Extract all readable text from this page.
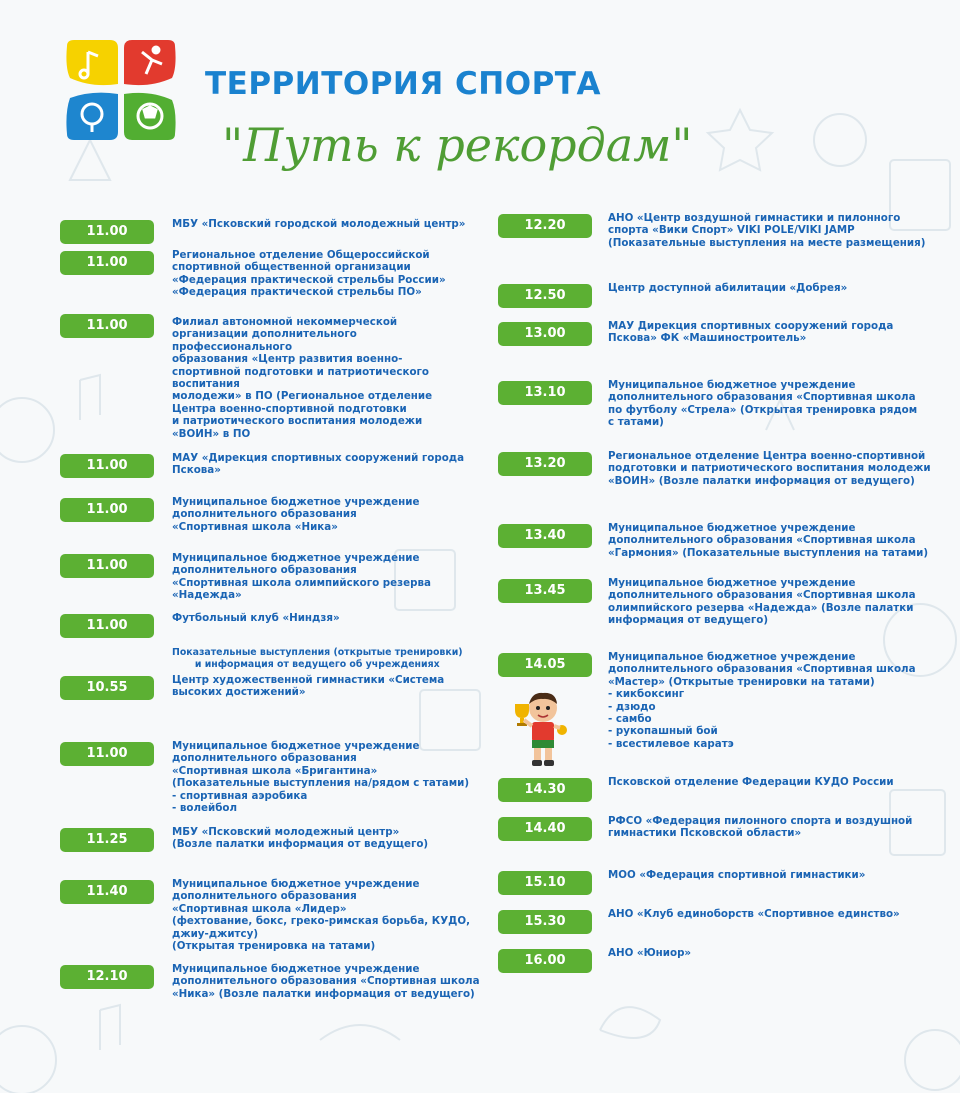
ТЕРРИТОРИЯ СПОРТА
"Путь к рекордам"
Показательные выступления (открытые тренировки)
и информация от ведущего об учреждениях
11.00	МБУ «Псковский городской молодежный центр»
11.00	Региональное отделение Общероссийской
спортивной общественной организации
«Федерация практической стрельбы России»
«Федерация практической стрельбы ПО»
11.00	Филиал автономной некоммерческой
организации дополнительного
профессионального
образования «Центр развития военно-
спортивной подготовки и патриотического
воспитания
молодежи» в ПО (Региональное отделение
Центра военно-спортивной подготовки
и патриотического воспитания молодежи
«ВОИН» в ПО
11.00	МАУ «Дирекция спортивных сооружений города
Пскова»
11.00	Муниципальное бюджетное учреждение
дополнительного образования
«Спортивная школа «Ника»
11.00	Муниципальное бюджетное учреждение
дополнительного образования
«Спортивная школа олимпийского резерва
«Надежда»
11.00	Футбольный клуб «Ниндзя»
10.55	Центр художественной гимнастики «Система
высоких достижений»
11.00	Муниципальное бюджетное учреждение
дополнительного образования
«Спортивная школа «Бригантина»
(Показательные выступления на/рядом с татами)
- спортивная аэробика
- волейбол
11.25	МБУ «Псковский молодежный центр»
(Возле палатки информация от ведущего)
11.40	Муниципальное бюджетное учреждение
дополнительного образования
«Спортивная школа «Лидер»
(фехтование, бокс, греко-римская борьба, КУДО,
джиу-джитсу)
(Открытая тренировка на татами)
12.10	Муниципальное бюджетное учреждение
дополнительного образования «Спортивная школа
«Ника» (Возле палатки информация от ведущего)
12.20	АНО «Центр воздушной гимнастики и пилонного
спорта «Вики Спорт» VIKI POLE/VIKI JAMP
(Показательные выступления на месте размещения)
12.50	Центр доступной абилитации «Добрея»
13.00	МАУ Дирекция спортивных сооружений города
Пскова» ФК «Машиностроитель»
13.10	Муниципальное бюджетное учреждение
дополнительного образования «Спортивная школа
по футболу «Стрела» (Открытая тренировка рядом
с татами)
13.20	Региональное отделение Центра военно-спортивной
подготовки и патриотического воспитания молодежи
«ВОИН» (Возле палатки информация от ведущего)
13.40	Муниципальное бюджетное учреждение
дополнительного образования «Спортивная школа
«Гармония» (Показательные выступления на татами)
13.45	Муниципальное бюджетное учреждение
дополнительного образования «Спортивная школа
олимпийского резерва «Надежда» (Возле палатки
информация от ведущего)
14.05	Муниципальное бюджетное учреждение
дополнительного образования «Спортивная школа
«Мастер» (Открытые тренировки на татами)
- кикбоксинг
- дзюдо
- самбо
- рукопашный бой
- всестилевое каратэ
14.30	Псковской отделение Федерации КУДО России
14.40	РФСО «Федерация пилонного спорта и воздушной
гимнастики Псковской области»
15.10	МОО «Федерация спортивной гимнастики»
15.30	АНО «Клуб единоборств «Спортивное единство»
16.00	АНО «Юниор»
